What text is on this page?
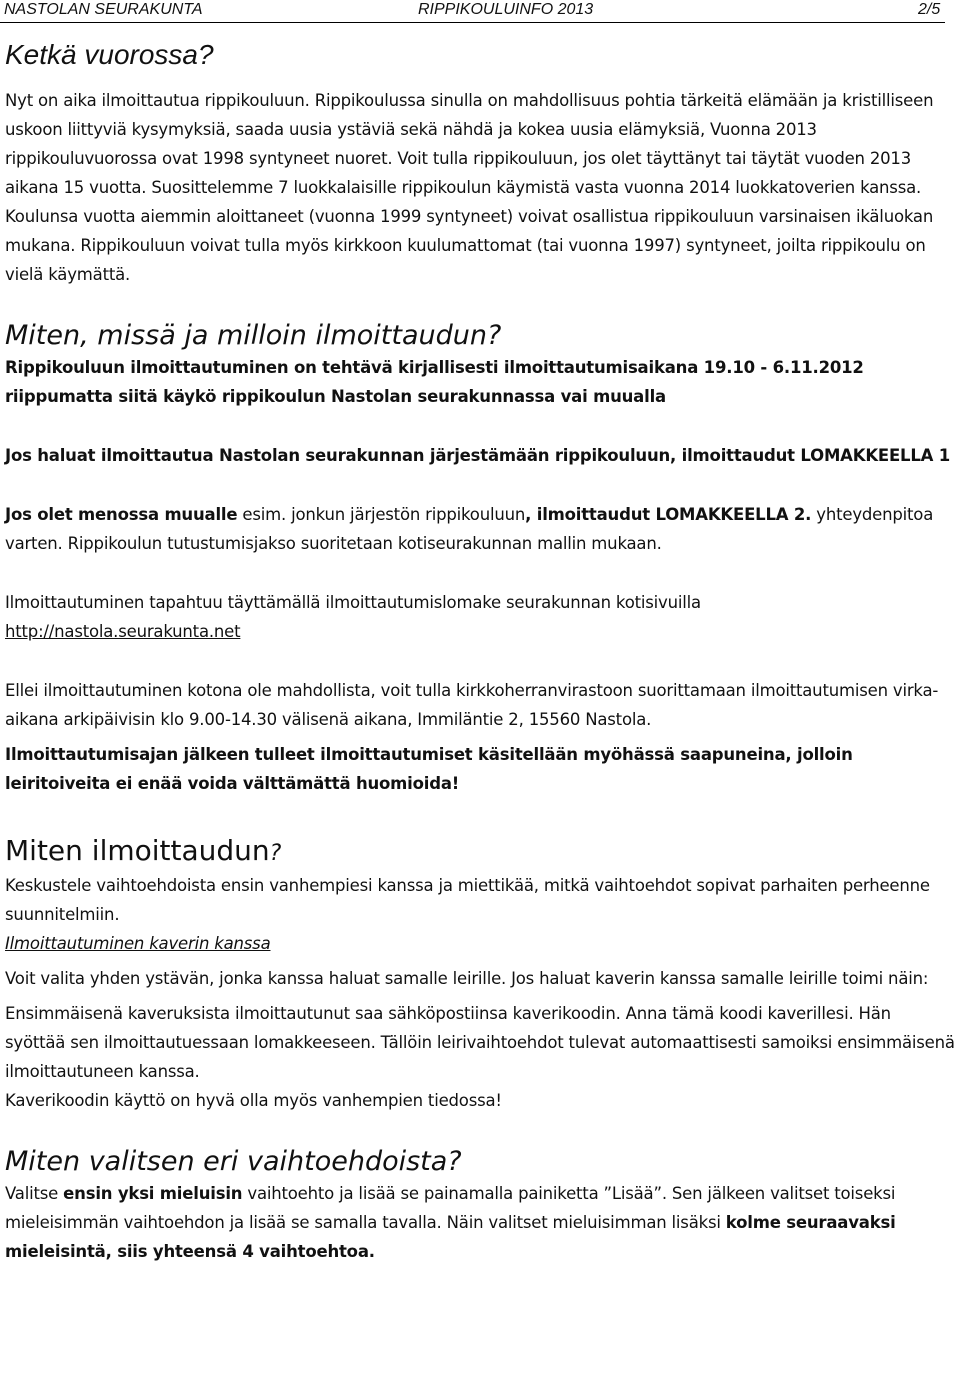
NASTOLAN SEURAKUNTA	RIPPIKOULUINFO 2013	2/5
Ketkä vuorossa?

Nyt on aika ilmoittautua rippikouluun. Rippikoulussa sinulla on mahdollisuus pohtia tärkeitä elämään ja kristilliseen uskoon liittyviä kysymyksiä, saada uusia ystäviä sekä nähdä ja kokea uusia elämyksiä, Vuonna 2013 rippikouluvuorossa ovat 1998 syntyneet nuoret. Voit tulla rippikouluun, jos olet täyttänyt tai täytät vuoden 2013 aikana 15 vuotta. Suosittelemme 7 luokkalaisille rippikoulun käymistä vasta vuonna 2014 luokkatoverien kanssa.

Koulunsa vuotta aiemmin aloittaneet (vuonna 1999 syntyneet) voivat osallistua rippikouluun varsinaisen ikäluokan mukana. Rippikouluun voivat tulla myös kirkkoon kuulumattomat (tai vuonna 1997) syntyneet, joilta rippikoulu on vielä käymättä.

Miten, missä ja milloin ilmoittaudun?

Rippikouluun ilmoittautuminen on tehtävä kirjallisesti ilmoittautumisaikana 19.10 - 6.11.2012 riippumatta siitä käykö rippikoulun Nastolan seurakunnassa vai muualla

Jos haluat ilmoittautua Nastolan seurakunnan järjestämään rippikouluun, ilmoittaudut LOMAKKEELLA 1

Jos olet menossa muualle esim. jonkun järjestön rippikouluun, ilmoittaudut LOMAKKEELLA 2. yhteydenpitoa varten. Rippikoulun tutustumisjakso suoritetaan kotiseurakunnan mallin mukaan.

Ilmoittautuminen tapahtuu täyttämällä ilmoittautumislomake seurakunnan kotisivuilla

http://nastola.seurakunta.net

Ellei ilmoittautuminen kotona ole mahdollista, voit tulla kirkkoherranvirastoon suorittamaan ilmoittautumisen virka-aikana arkipäivisin klo 9.00-14.30 välisenä aikana, Immiläntie 2, 15560 Nastola.

Ilmoittautumisajan jälkeen tulleet ilmoittautumiset käsitellään myöhässä saapuneina, jolloin leiritoiveita ei enää voida välttämättä huomioida!

Miten ilmoittaudun?

Keskustele vaihtoehdoista ensin vanhempiesi kanssa ja miettikää, mitkä vaihtoehdot sopivat parhaiten perheenne suunnitelmiin.

Ilmoittautuminen kaverin kanssa

Voit valita yhden ystävän, jonka kanssa haluat samalle leirille. Jos haluat kaverin kanssa samalle leirille toimi näin:

Ensimmäisenä kaveruksista ilmoittautunut saa sähköpostiinsa kaverikoodin. Anna tämä koodi kaverillesi. Hän syöttää sen ilmoittautuessaan lomakkeeseen. Tällöin leirivaihtoehdot tulevat automaattisesti samoiksi ensimmäisenä ilmoittautuneen kanssa.

Kaverikoodin käyttö on hyvä olla myös vanhempien tiedossa!

Miten valitsen eri vaihtoehdoista?

Valitse ensin yksi mieluisin vaihtoehto ja lisää se painamalla painiketta ”Lisää”. Sen jälkeen valitset toiseksi mieleisimmän vaihtoehdon ja lisää se samalla tavalla. Näin valitset mieluisimman lisäksi kolme seuraavaksi mieleisintä, siis yhteensä 4 vaihtoehtoa.
